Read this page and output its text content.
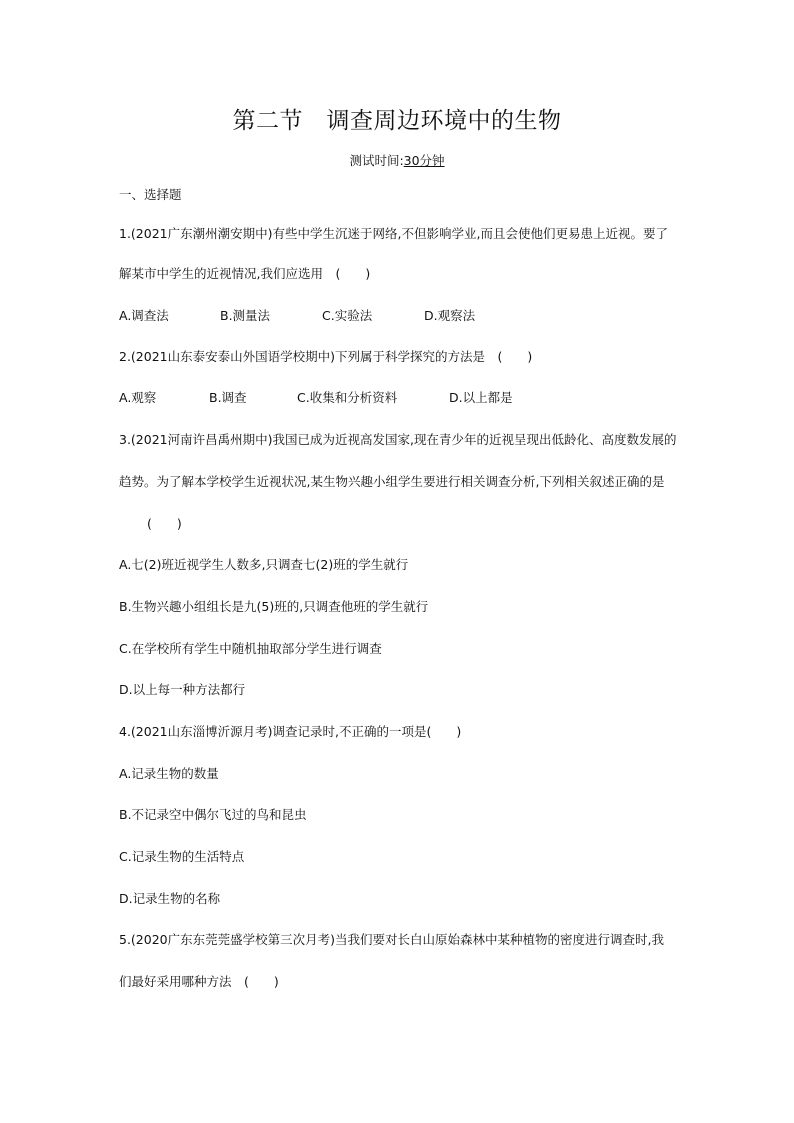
第二节　调查周边环境中的生物
测试时间:30分钟
一、选择题
1.(2021广东潮州潮安期中)有些中学生沉迷于网络,不但影响学业,而且会使他们更易患上近视。要了
解某市中学生的近视情况,我们应选用　(　　)
A.调查法	B.测量法	C.实验法	D.观察法
2.(2021山东泰安泰山外国语学校期中)下列属于科学探究的方法是　(　　)
A.观察	B.调查	C.收集和分析资料	D.以上都是
3.(2021河南许昌禹州期中)我国已成为近视高发国家,现在青少年的近视呈现出低龄化、高度数发展的
趋势。为了解本学校学生近视状况,某生物兴趣小组学生要进行相关调查分析,下列相关叙述正确的是
(　　)
A.七(2)班近视学生人数多,只调查七(2)班的学生就行
B.生物兴趣小组组长是九(5)班的,只调查他班的学生就行
C.在学校所有学生中随机抽取部分学生进行调查
D.以上每一种方法都行
4.(2021山东淄博沂源月考)调查记录时,不正确的一项是(　　)
A.记录生物的数量
B.不记录空中偶尔飞过的鸟和昆虫
C.记录生物的生活特点
D.记录生物的名称
5.(2020广东东莞莞盛学校第三次月考)当我们要对长白山原始森林中某种植物的密度进行调查时,我
们最好采用哪种方法　(　　)
